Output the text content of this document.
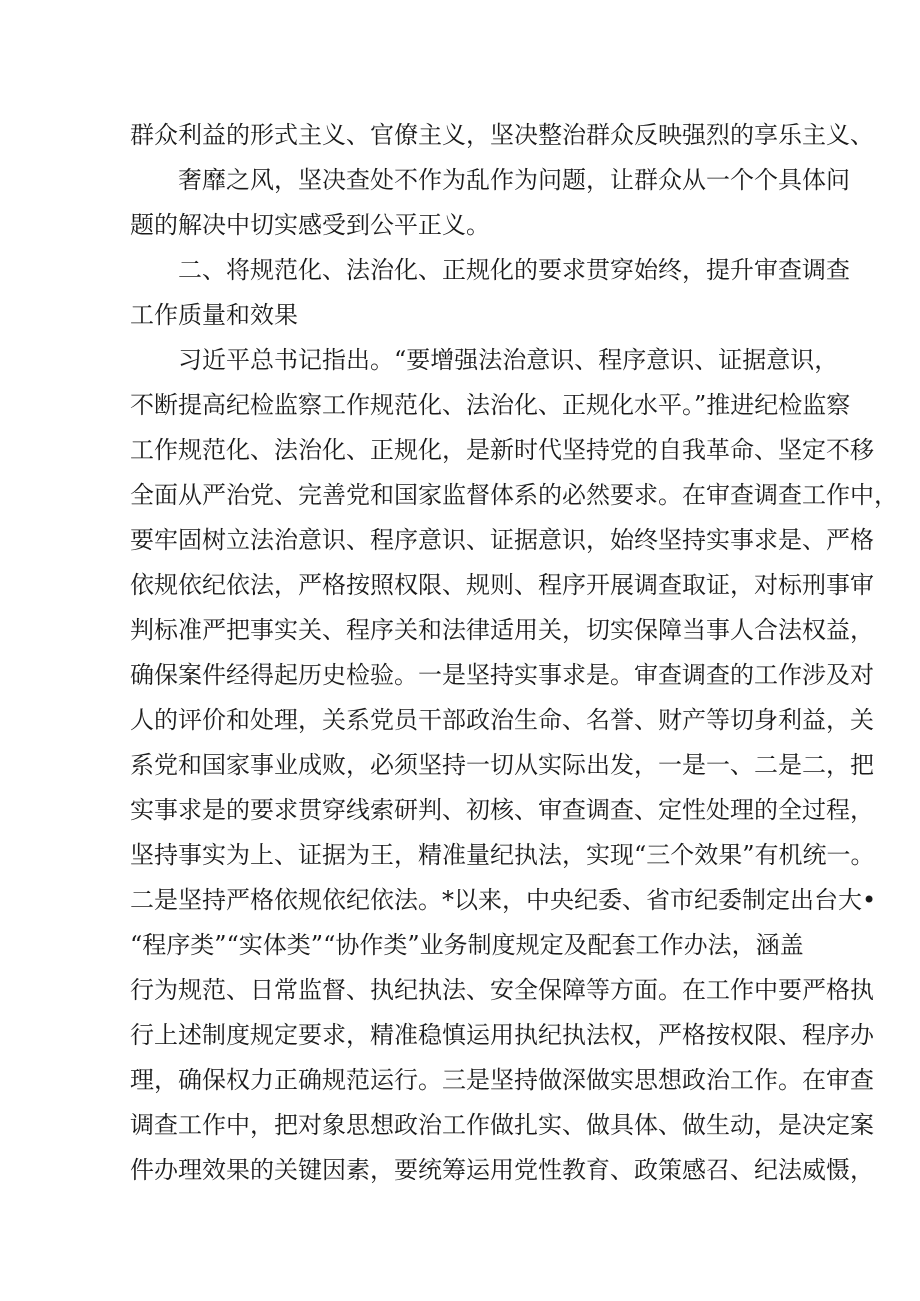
群众利益的形式主义、官僚主义，坚决整治群众反映强烈的享乐主义、
奢靡之风，坚决查处不作为乱作为问题，让群众从一个个具体问
题的解决中切实感受到公平正义。
二、将规范化、法治化、正规化的要求贯穿始终，提升审查调查
工作质量和效果
习近平总书记指出。“要增强法治意识、程序意识、证据意识，
不断提高纪检监察工作规范化、法治化、正规化水平。”推进纪检监察
工作规范化、法治化、正规化，是新时代坚持党的自我革命、坚定不移
全面从严治党、完善党和国家监督体系的必然要求。在审查调查工作中，
要牢固树立法治意识、程序意识、证据意识，始终坚持实事求是、严格
依规依纪依法，严格按照权限、规则、程序开展调查取证，对标刑事审
判标准严把事实关、程序关和法律适用关，切实保障当事人合法权益，
确保案件经得起历史检验。一是坚持实事求是。审查调查的工作涉及对
人的评价和处理，关系党员干部政治生命、名誉、财产等切身利益，关
系党和国家事业成败，必须坚持一切从实际出发，一是一、二是二，把
实事求是的要求贯穿线索研判、初核、审查调查、定性处理的全过程，
坚持事实为上、证据为王，精准量纪执法，实现“三个效果”有机统一。
二是坚持严格依规依纪依法。*以来，中央纪委、省市纪委制定出台大•
“程序类”“实体类”“协作类”业务制度规定及配套工作办法，涵盖
行为规范、日常监督、执纪执法、安全保障等方面。在工作中要严格执
行上述制度规定要求，精准稳慎运用执纪执法权，严格按权限、程序办
理，确保权力正确规范运行。三是坚持做深做实思想政治工作。在审查
调查工作中，把对象思想政治工作做扎实、做具体、做生动，是决定案
件办理效果的关键因素，要统筹运用党性教育、政策感召、纪法威慑，
